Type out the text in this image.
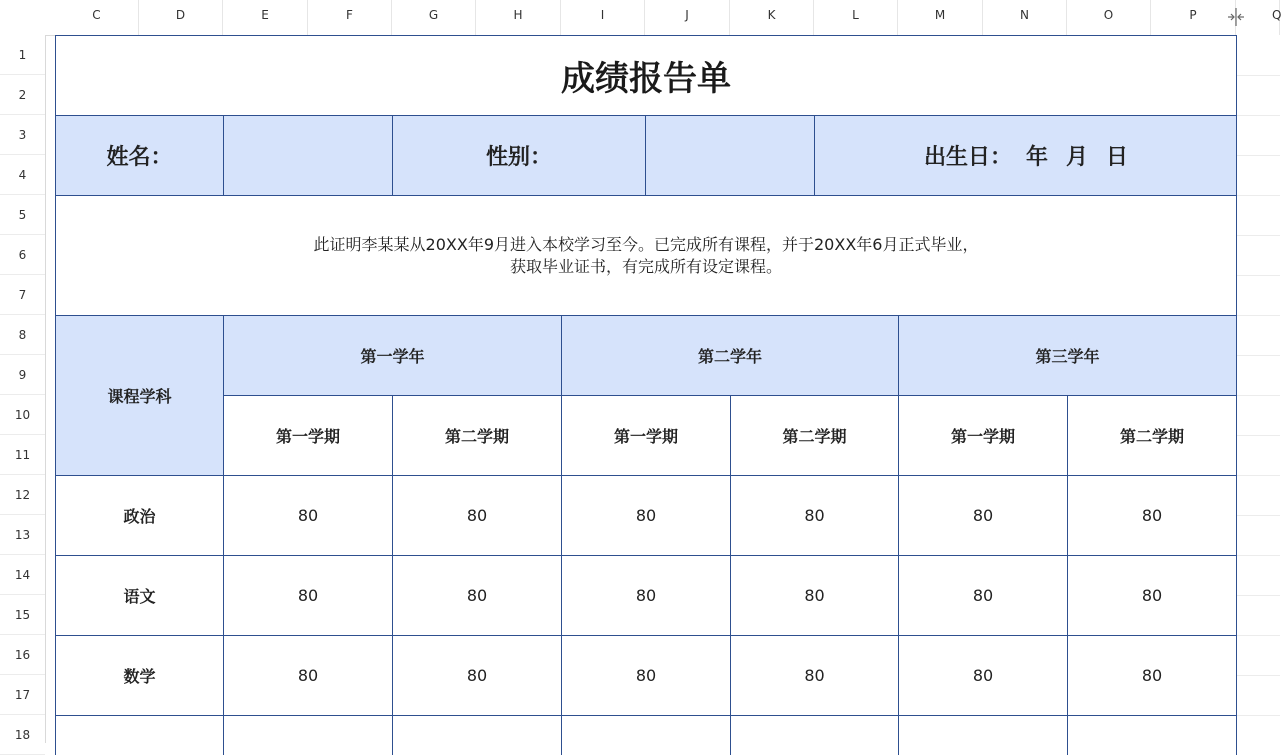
C	D	E	F	G	H	I	J	K	L	M	N	O	P	Q
1
2
3
4
5
6
7
8
9
10
11
12
13
14
15
16
17
18
成绩报告单
姓名：	性别：	出生日： 年 月 日
此证明李某某从20XX年9月进入本校学习至今。已完成所有课程，并于20XX年6月正式毕业，
获取毕业证书，有完成所有设定课程。
课程学科
第一学年	第二学年	第三学年
第一学期	第二学期	第一学期	第二学期	第一学期	第二学期
政治	80	80	80	80	80	80
语文	80	80	80	80	80	80
数学	80	80	80	80	80	80
